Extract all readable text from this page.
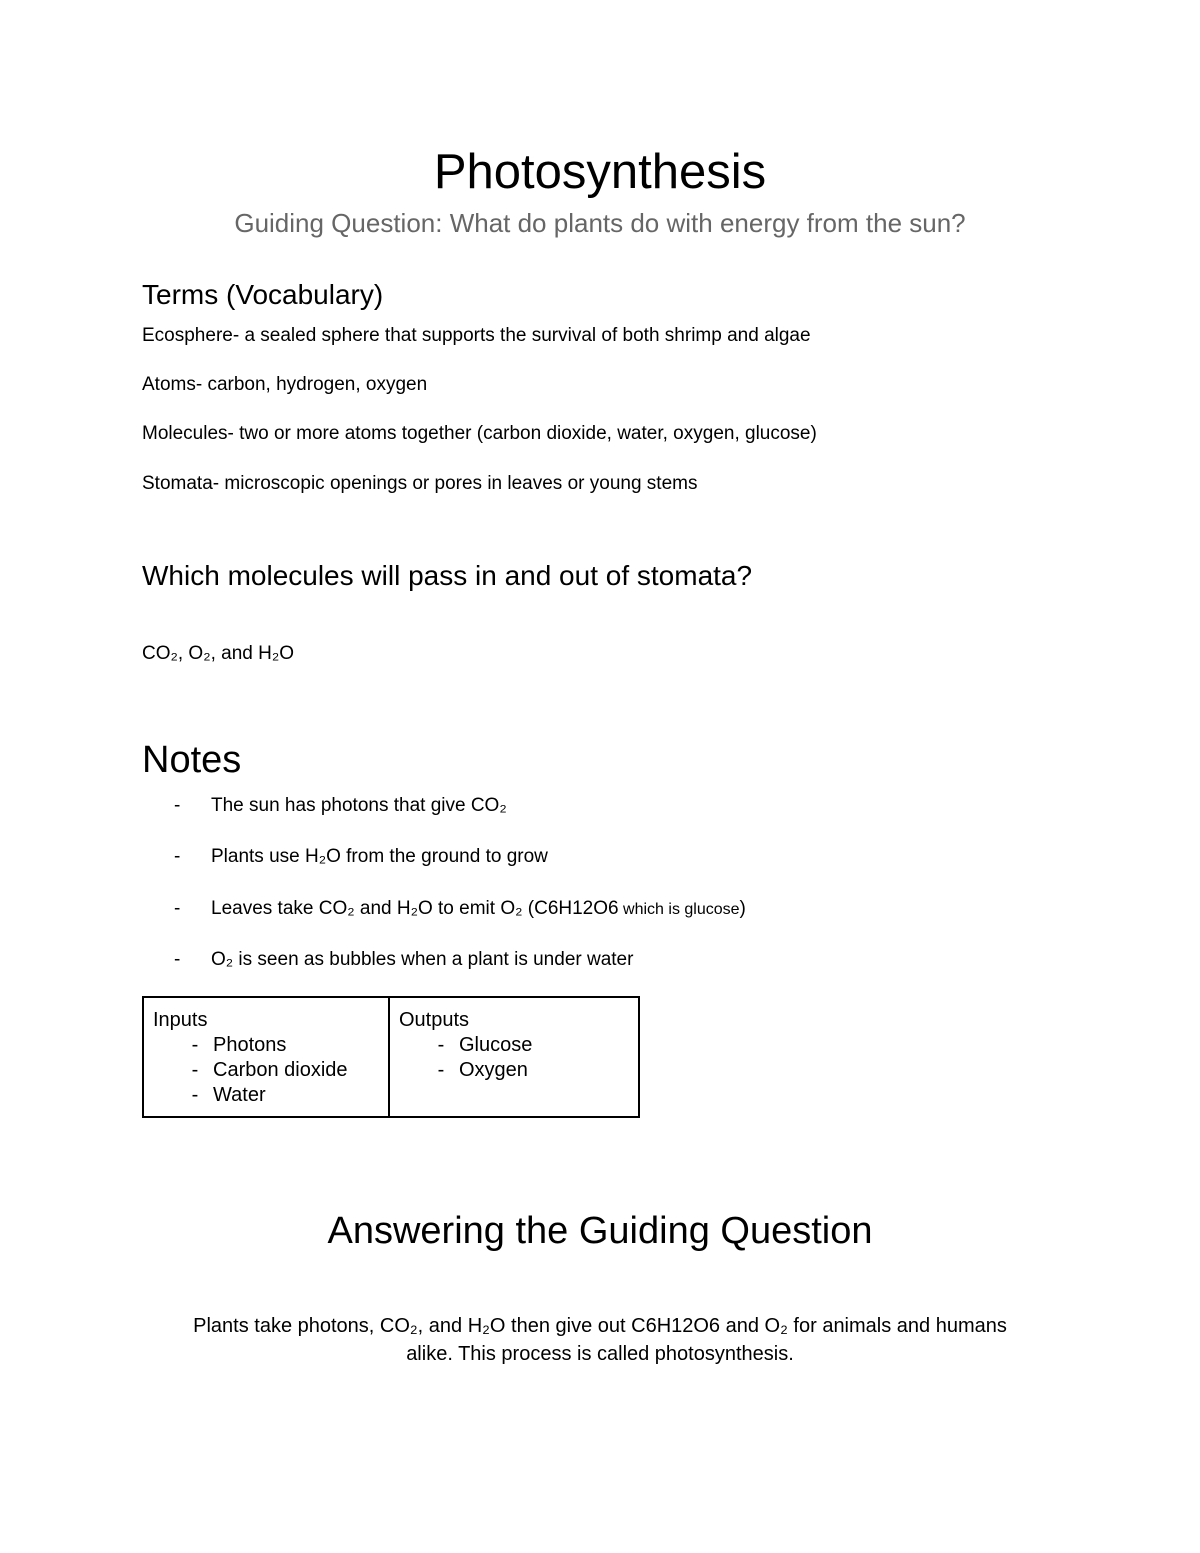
Photosynthesis
Guiding Question: What do plants do with energy from the sun?
Terms (Vocabulary)
Ecosphere- a sealed sphere that supports the survival of both shrimp and algae
Atoms- carbon, hydrogen, oxygen
Molecules- two or more atoms together (carbon dioxide, water, oxygen, glucose)
Stomata- microscopic openings or pores in leaves or young stems
Which molecules will pass in and out of stomata?
CO₂, O₂, and H₂O
Notes
- The sun has photons that give CO₂
- Plants use H₂O from the ground to grow
- Leaves take CO₂ and H₂O to emit O₂ (C6H12O6 which is glucose)
- O₂ is seen as bubbles when a plant is under water
Inputs
- Photons
- Carbon dioxide
- Water
Outputs
- Glucose
- Oxygen
Answering the Guiding Question
Plants take photons, CO₂, and H₂O then give out C6H12O6 and O₂ for animals and humans
alike. This process is called photosynthesis.
